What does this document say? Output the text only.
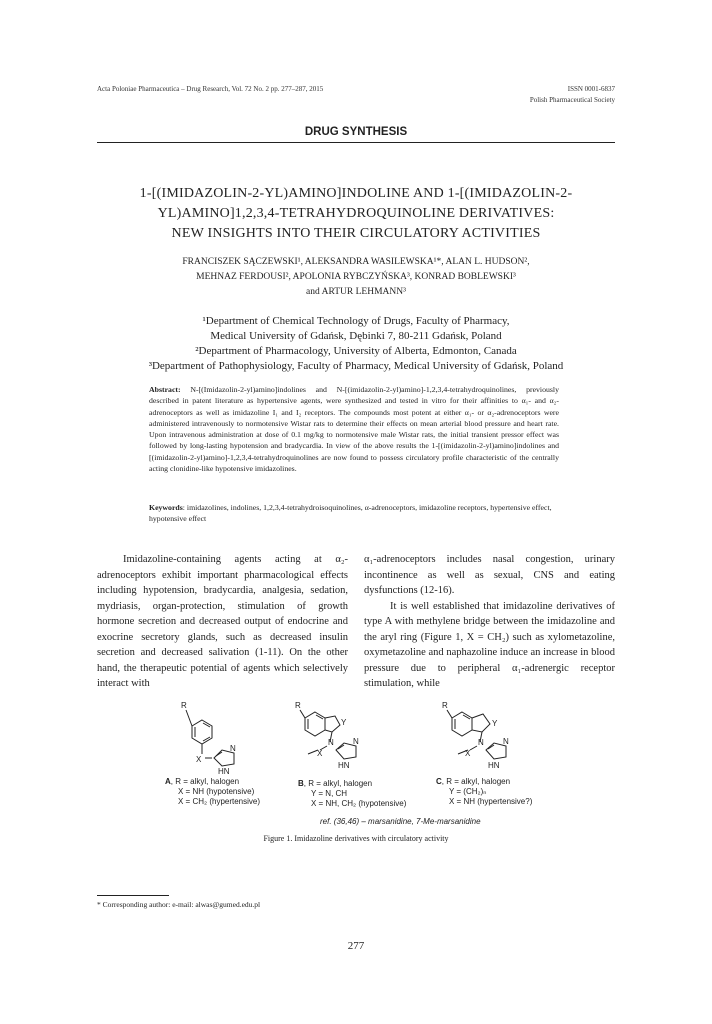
Acta Poloniae Pharmaceutica – Drug Research, Vol. 72 No. 2 pp. 277–287, 2015	ISSN 0001-6837
Polish Pharmaceutical Society
DRUG SYNTHESIS
1-[(IMIDAZOLIN-2-YL)AMINO]INDOLINE AND 1-[(IMIDAZOLIN-2-
YL)AMINO]1,2,3,4-TETRAHYDROQUINOLINE DERIVATIVES:
NEW INSIGHTS INTO THEIR CIRCULATORY ACTIVITIES
FRANCISZEK SĄCZEWSKI¹, ALEKSANDRA WASILEWSKA¹*, ALAN L. HUDSON²,
MEHNAZ FERDOUSI², APOLONIA RYBCZYŃSKA³, KONRAD BOBLEWSKI³
and ARTUR LEHMANN³
¹Department of Chemical Technology of Drugs, Faculty of Pharmacy,
Medical University of Gdańsk, Dębinki 7, 80-211 Gdańsk, Poland
²Department of Pharmacology, University of Alberta, Edmonton, Canada
³Department of Pathophysiology, Faculty of Pharmacy, Medical University of Gdańsk, Poland
Abstract: N-[(Imidazolin-2-yl)amino]indolines and N-[(imidazolin-2-yl)amino]-1,2,3,4-tetrahydroquinolines, previously described in patent literature as hypertensive agents, were synthesized and tested in vitro for their affinities to α₁- and α₂-adrenoceptors as well as imidazoline I₁ and I₂ receptors. The compounds most potent at either α₁- or α₂-adrenoceptors were administered intravenously to normotensive Wistar rats to determine their effects on mean arterial blood pressure and heart rate. Upon intravenous administration at dose of 0.1 mg/kg to normotensive male Wistar rats, the initial transient pressor effect was followed by long-lasting hypotension and bradycardia. In view of the above results the 1-[(imidazolin-2-yl)amino]indolines and [(imidazolin-2-yl)amino]-1,2,3,4-tetrahydroquinolines are now found to possess circulatory profile characteristic of the centrally acting clonidine-like hypotensive imidazolines.
Keywords: imidazolines, indolines, 1,2,3,4-tetrahydroisoquinolines, α-adrenoceptors, imidazoline receptors, hypertensive effect, hypotensive effect
Imidazoline-containing agents acting at α₂-adrenoceptors exhibit important pharmacological effects including hypotension, bradycardia, analgesia, sedation, mydriasis, organ-protection, stimulation of growth hormone secretion and decreased output of endocrine and exocrine secretory glands, such as decreased insulin secretion and decreased salivation (1-11). On the other hand, the therapeutic potential of agents which selectively interact with
α₁-adrenoceptors includes nasal congestion, urinary incontinence as well as sexual, CNS and eating dysfunctions (12-16).
It is well established that imidazoline derivatives of type A with methylene bridge between the imidazoline and the aryl ring (Figure 1, X = CH₂) such as xylometazoline, oxymetazoline and naphazoline induce an increase in blood pressure due to peripheral α₁-adrenergic receptor stimulation, while
R
X
N
HN
R
Y
N
X
N
HN
R
Y
N
X
N
HN
A, R = alkyl, halogen
X = NH (hypotensive)
X = CH₂ (hypertensive)
B, R = alkyl, halogen
Y = N, CH
X = NH, CH₂ (hypotensive)
C, R = alkyl, halogen
Y = (CH₂)ₙ
X = NH (hypertensive?)
ref. (36,46) – marsanidine, 7-Me-marsanidine
Figure 1. Imidazoline derivatives with circulatory activity
* Corresponding author: e-mail: alwas@gumed.edu.pl
277
